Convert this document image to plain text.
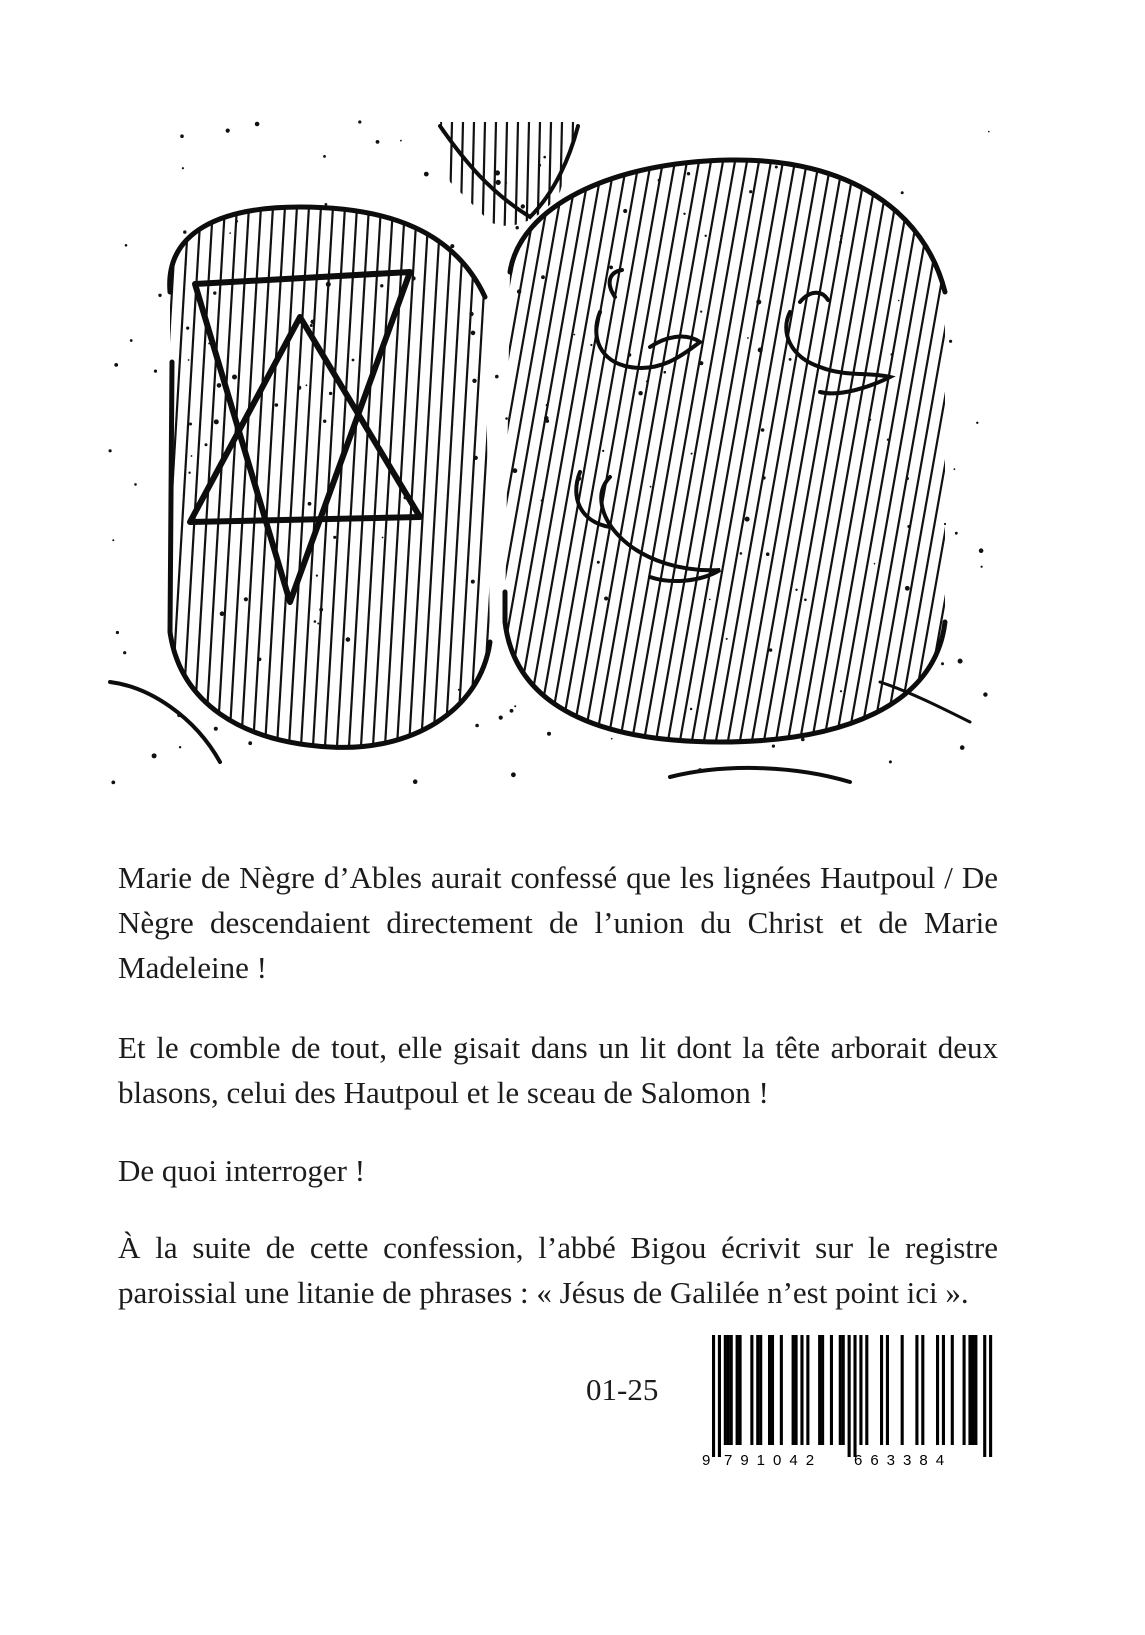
Marie de Nègre d’Ables aurait confessé que les lignées Hautpoul / De Nègre descendaient directement de l’union du Christ et de Marie Madeleine !
Et le comble de tout, elle gisait dans un lit dont la tête arborait deux blasons, celui des Hautpoul et le sceau de Salomon !
De quoi interroger !
À la suite de cette confession, l’abbé Bigou écrivit sur le registre paroissial une litanie de phrases : « Jésus de Galilée n’est point ici ».
01-25
9 791042 663384
